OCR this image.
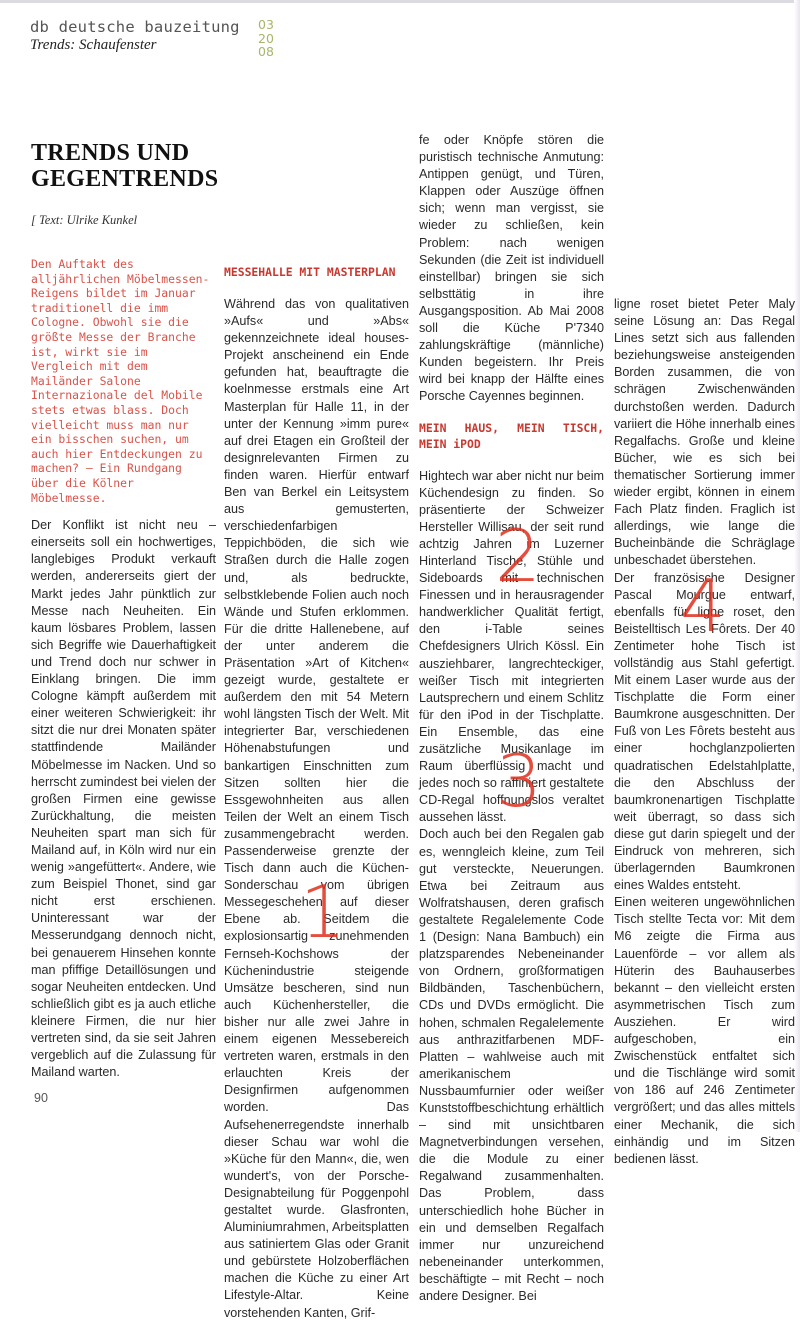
db deutsche bauzeitung
Trends: Schaufenster
03
20
08
TRENDS UND
GEGENTRENDS
[ Text: Ulrike Kunkel

Den Auftakt des alljährlichen Möbelmessen-Reigens bildet im Januar traditionell die imm Cologne. Obwohl sie die größte Messe der Branche ist, wirkt sie im Vergleich mit dem Mailänder Salone Internazionale del Mobile stets etwas blass. Doch vielleicht muss man nur ein bisschen suchen, um auch hier Entdeckungen zu machen? – Ein Rundgang über die Kölner Möbelmesse.

Der Konflikt ist nicht neu – einerseits soll ein hochwertiges, langlebiges Produkt verkauft werden, andererseits giert der Markt jedes Jahr pünktlich zur Messe nach Neuheiten. Ein kaum lösbares Problem, lassen sich Begriffe wie Dauerhaftigkeit und Trend doch nur schwer in Einklang bringen. Die imm Cologne kämpft außerdem mit einer weiteren Schwierigkeit: ihr sitzt die nur drei Monaten später stattfindende Mailänder Möbelmesse im Nacken. Und so herrscht zumindest bei vielen der großen Firmen eine gewisse Zurückhaltung, die meisten Neuheiten spart man sich für Mailand auf, in Köln wird nur ein wenig »angefüttert«. Andere, wie zum Beispiel Thonet, sind gar nicht erst erschienen. Uninteressant war der Messerundgang dennoch nicht, bei genauerem Hinsehen konnte man pfiffige Detaillösungen und sogar Neuheiten entdecken. Und schließlich gibt es ja auch etliche kleinere Firmen, die nur hier vertreten sind, da sie seit Jahren vergeblich auf die Zulassung für Mailand warten.

MESSEHALLE MIT MASTERPLAN

Während das von qualitativen »Aufs« und »Abs« gekennzeichnete ideal houses-Projekt anscheinend ein Ende gefunden hat, beauftragte die koelnmesse erstmals eine Art Masterplan für Halle 11, in der unter der Kennung »imm pure« auf drei Etagen ein Großteil der designrelevanten Firmen zu finden waren. Hierfür entwarf Ben van Berkel ein Leitsystem aus gemusterten, verschiedenfarbigen Teppichböden, die sich wie Straßen durch die Halle zogen und, als bedruckte, selbstklebende Folien auch noch Wände und Stufen erklommen. Für die dritte Hallenebene, auf der unter anderem die Präsentation »Art of Kitchen« gezeigt wurde, gestaltete er außerdem den mit 54 Metern wohl längsten Tisch der Welt. Mit integrierter Bar, verschiedenen Höhenabstufungen und bankartigen Einschnitten zum Sitzen sollten hier die Essgewohnheiten aus allen Teilen der Welt an einem Tisch zusammengebracht werden. Passenderweise grenzte der Tisch dann auch die Küchen-Sonderschau vom übrigen Messegeschehen auf dieser Ebene ab. Seitdem die explosionsartig zunehmenden Fernseh-Kochshows der Küchenindustrie steigende Umsätze bescheren, sind nun auch Küchenhersteller, die bisher nur alle zwei Jahre in einem eigenen Messebereich vertreten waren, erstmals in den erlauchten Kreis der Designfirmen aufgenommen worden. Das Aufsehenerregendste innerhalb dieser Schau war wohl die »Küche für den Mann«, die, wen wundert's, von der Porsche-Designabteilung für Poggenpohl gestaltet wurde. Glasfronten, Aluminiumrahmen, Arbeitsplatten aus satiniertem Glas oder Granit und gebürstete Holzoberflächen machen die Küche zu einer Art Lifestyle-Altar. Keine vorstehenden Kanten, Grif-

fe oder Knöpfe stören die puristisch technische Anmutung: Antippen genügt, und Türen, Klappen oder Auszüge öffnen sich; wenn man vergisst, sie wieder zu schließen, kein Problem: nach wenigen Sekunden (die Zeit ist individuell einstellbar) bringen sie sich selbsttätig in ihre Ausgangsposition. Ab Mai 2008 soll die Küche P'7340 zahlungskräftige (männliche) Kunden begeistern. Ihr Preis wird bei knapp der Hälfte eines Porsche Cayennes beginnen.

MEIN HAUS, MEIN TISCH, MEIN iPOD

Hightech war aber nicht nur beim Küchendesign zu finden. So präsentierte der Schweizer Hersteller Willisau, der seit rund achtzig Jahren im Luzerner Hinterland Tische, Stühle und Sideboards mit technischen Finessen und in herausragender handwerklicher Qualität fertigt, den i-Table seines Chefdesigners Ulrich Kössl. Ein ausziehbarer, langrechteckiger, weißer Tisch mit integrierten Lautsprechern und einem Schlitz für den iPod in der Tischplatte. Ein Ensemble, das eine zusätzliche Musikanlage im Raum überflüssig macht und jedes noch so raffiniert gestaltete CD-Regal hoffnungslos veraltet aussehen lässt.

Doch auch bei den Regalen gab es, wenngleich kleine, zum Teil gut versteckte, Neuerungen. Etwa bei Zeitraum aus Wolfratshausen, deren grafisch gestaltete Regalelemente Code 1 (Design: Nana Bambuch) ein platzsparendes Nebeneinander von Ordnern, großformatigen Bildbänden, Taschenbüchern, CDs und DVDs ermöglicht. Die hohen, schmalen Regalelemente aus anthrazitfarbenen MDF-Platten – wahlweise auch mit amerikanischem Nussbaumfurnier oder weißer Kunststoffbeschichtung erhältlich – sind mit unsichtbaren Magnetverbindungen versehen, die die Module zu einer Regalwand zusammenhalten. Das Problem, dass unterschiedlich hohe Bücher in ein und demselben Regalfach immer nur unzureichend nebeneinander unterkommen, beschäftigte – mit Recht – noch andere Designer. Bei

ligne roset bietet Peter Maly seine Lösung an: Das Regal Lines setzt sich aus fallenden beziehungsweise ansteigenden Borden zusammen, die von schrägen Zwischenwänden durchstoßen werden. Dadurch variiert die Höhe innerhalb eines Regalfachs. Große und kleine Bücher, wie es sich bei thematischer Sortierung immer wieder ergibt, können in einem Fach Platz finden. Fraglich ist allerdings, wie lange die Bucheinbände die Schräglage unbeschadet überstehen.

Der französische Designer Pascal Mourgue entwarf, ebenfalls für ligne roset, den Beistelltisch Les Fôrets. Der 40 Zentimeter hohe Tisch ist vollständig aus Stahl gefertigt. Mit einem Laser wurde aus der Tischplatte die Form einer Baumkrone ausgeschnitten. Der Fuß von Les Fôrets besteht aus einer hochglanzpolierten quadratischen Edelstahlplatte, die den Abschluss der baumkronenartigen Tischplatte weit überragt, so dass sich diese gut darin spiegelt und der Eindruck von mehreren, sich überlagernden Baumkronen eines Waldes entsteht.

Einen weiteren ungewöhnlichen Tisch stellte Tecta vor: Mit dem M6 zeigte die Firma aus Lauenförde – vor allem als Hüterin des Bauhauserbes bekannt – den vielleicht ersten asymmetrischen Tisch zum Ausziehen. Er wird aufgeschoben, ein Zwischenstück entfaltet sich und die Tischlänge wird somit von 186 auf 246 Zentimeter vergrößert; und das alles mittels einer Mechanik, die sich einhändig und im Sitzen bedienen lässt.

1
2
3
4
90
